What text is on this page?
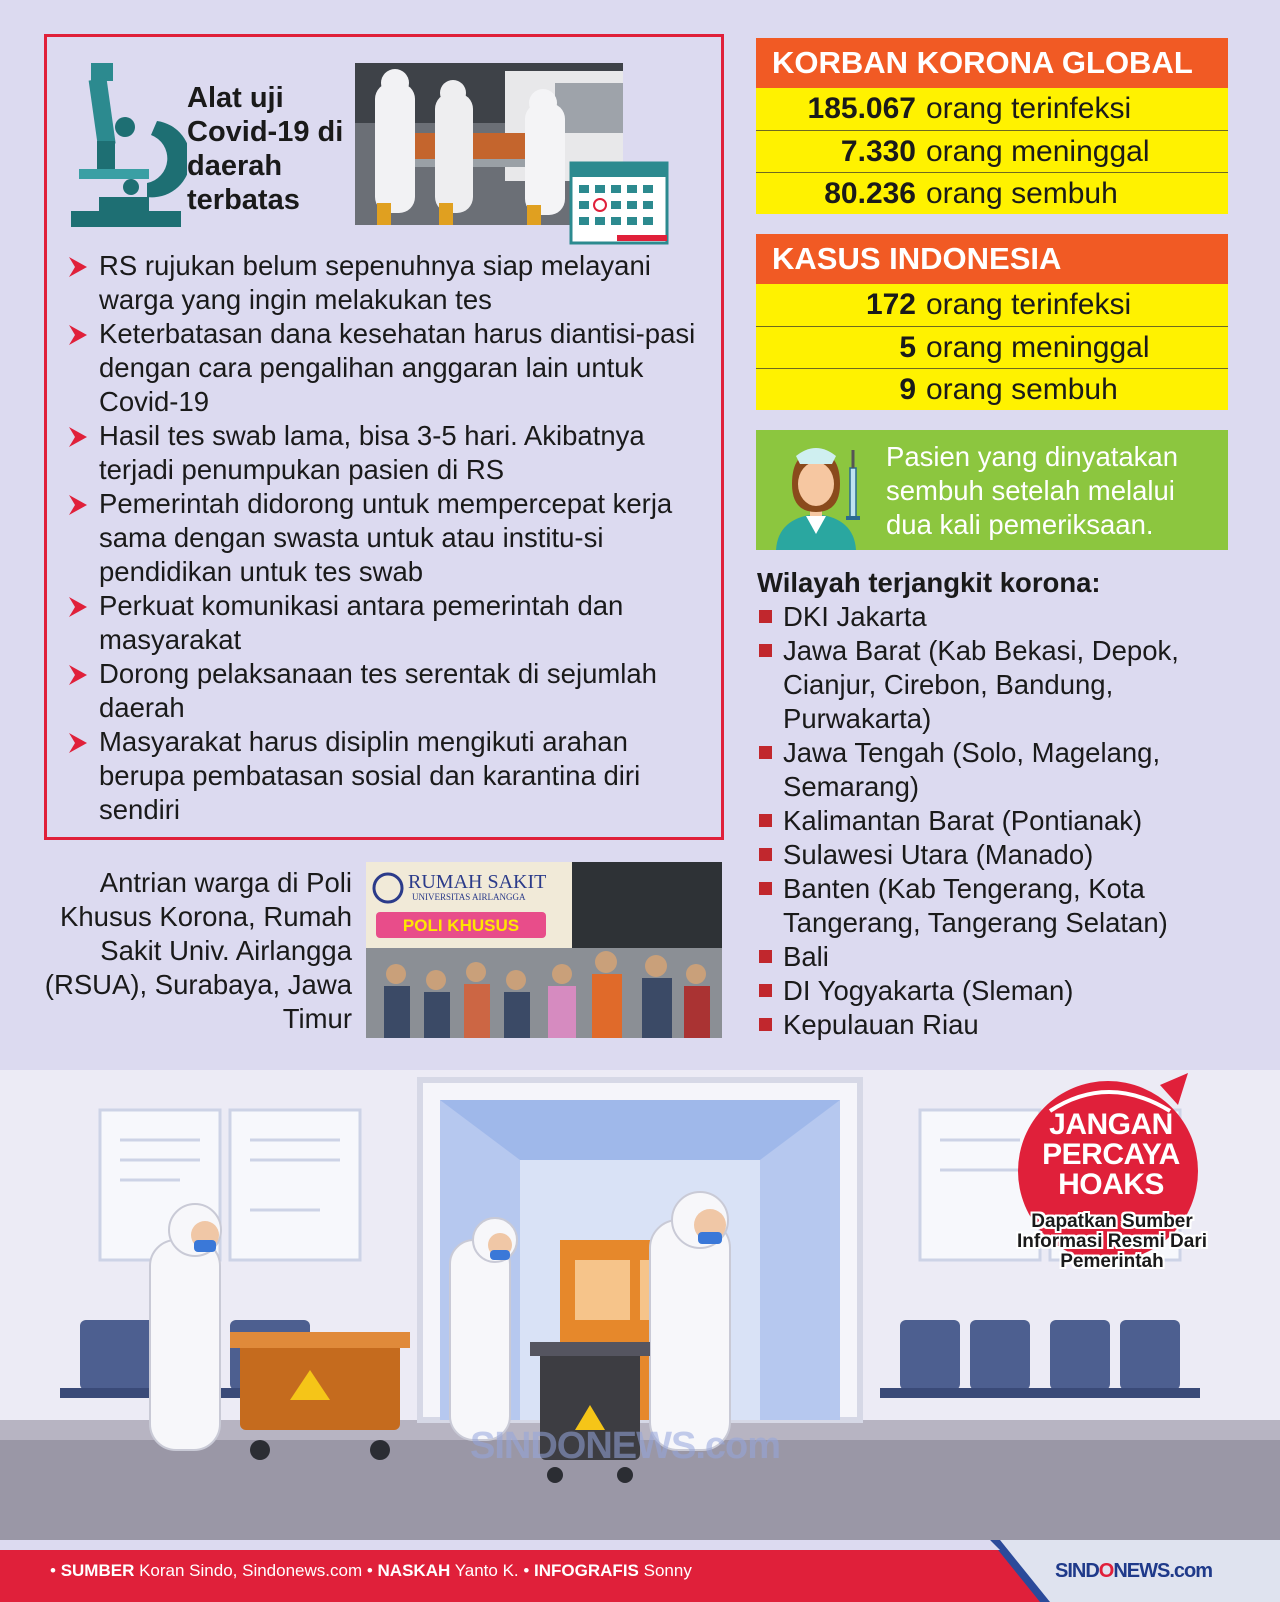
Alat uji Covid-19 di daerah terbatas
RS rujukan belum sepenuhnya siap melayani warga yang ingin melakukan tes
Keterbatasan dana kesehatan harus diantisi-pasi dengan cara pengalihan anggaran lain untuk Covid-19
Hasil tes swab lama, bisa 3-5 hari. Akibatnya terjadi penumpukan pasien di RS
Pemerintah didorong untuk mempercepat kerja sama dengan swasta untuk atau institu-si pendidikan untuk tes swab
Perkuat komunikasi antara pemerintah dan masyarakat
Dorong pelaksanaan tes serentak di sejumlah daerah
Masyarakat harus disiplin mengikuti arahan berupa pembatasan sosial dan karantina diri sendiri
Antrian warga di Poli Khusus Korona, Rumah Sakit Univ. Airlangga (RSUA), Surabaya, Jawa Timur
RUMAH SAKIT
UNIVERSITAS AIRLANGGA
POLI KHUSUS
KORBAN KORONA GLOBAL
185.067 orang terinfeksi
7.330 orang meninggal
80.236 orang sembuh
KASUS INDONESIA
172 orang terinfeksi
5 orang meninggal
9 orang sembuh
Pasien yang dinyatakan sembuh setelah melalui dua kali pemeriksaan.
Wilayah terjangkit korona:
DKI Jakarta
Jawa Barat (Kab Bekasi, Depok, Cianjur, Cirebon, Bandung, Purwakarta)
Jawa Tengah (Solo, Magelang, Semarang)
Kalimantan Barat (Pontianak)
Sulawesi Utara (Manado)
Banten (Kab Tengerang, Kota Tangerang, Tangerang Selatan)
Bali
DI Yogyakarta (Sleman)
Kepulauan Riau
JANGAN
PERCAYA
HOAKS
Dapatkan Sumber Informasi Resmi Dari Pemerintah
SINDONEWS.com
• SUMBER Koran Sindo, Sindonews.com • NASKAH Yanto K. • INFOGRAFIS Sonny	SINDONEWS.com
